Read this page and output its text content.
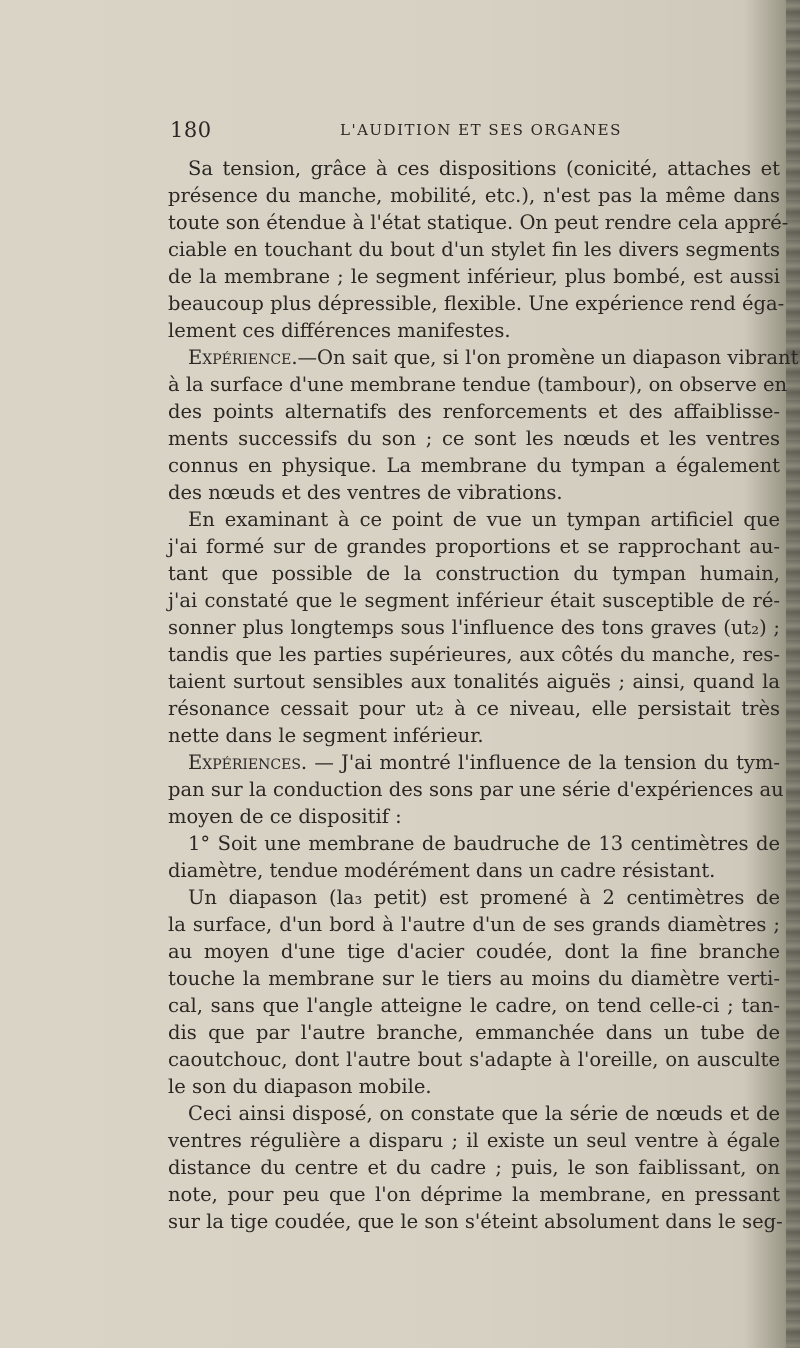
180	L'AUDITION ET SES ORGANES
Sa tension, grâce à ces dispositions (conicité, attaches et
présence du manche, mobilité, etc.), n'est pas la même dans
toute son étendue à l'état statique. On peut rendre cela appré-
ciable en touchant du bout d'un stylet fin les divers segments
de la membrane ; le segment inférieur, plus bombé, est aussi
beaucoup plus dépressible, flexible. Une expérience rend éga-
lement ces différences manifestes.
Expérience.—On sait que, si l'on promène un diapason vibrant
à la surface d'une membrane tendue (tambour), on observe en
des points alternatifs des renforcements et des affaiblisse-
ments successifs du son ; ce sont les nœuds et les ventres
connus en physique. La membrane du tympan a également
des nœuds et des ventres de vibrations.
En examinant à ce point de vue un tympan artificiel que
j'ai formé sur de grandes proportions et se rapprochant au-
tant que possible de la construction du tympan humain,
j'ai constaté que le segment inférieur était susceptible de ré-
sonner plus longtemps sous l'influence des tons graves (ut₂) ;
tandis que les parties supérieures, aux côtés du manche, res-
taient surtout sensibles aux tonalités aiguës ; ainsi, quand la
résonance cessait pour ut₂ à ce niveau, elle persistait très
nette dans le segment inférieur.
Expériences. — J'ai montré l'influence de la tension du tym-
pan sur la conduction des sons par une série d'expériences au
moyen de ce dispositif :
1° Soit une membrane de baudruche de 13 centimètres de
diamètre, tendue modérément dans un cadre résistant.
Un diapason (la₃ petit) est promené à 2 centimètres de
la surface, d'un bord à l'autre d'un de ses grands diamètres ;
au moyen d'une tige d'acier coudée, dont la fine branche
touche la membrane sur le tiers au moins du diamètre verti-
cal, sans que l'angle atteigne le cadre, on tend celle-ci ; tan-
dis que par l'autre branche, emmanchée dans un tube de
caoutchouc, dont l'autre bout s'adapte à l'oreille, on ausculte
le son du diapason mobile.
Ceci ainsi disposé, on constate que la série de nœuds et de
ventres régulière a disparu ; il existe un seul ventre à égale
distance du centre et du cadre ; puis, le son faiblissant, on
note, pour peu que l'on déprime la membrane, en pressant
sur la tige coudée, que le son s'éteint absolument dans le seg-
